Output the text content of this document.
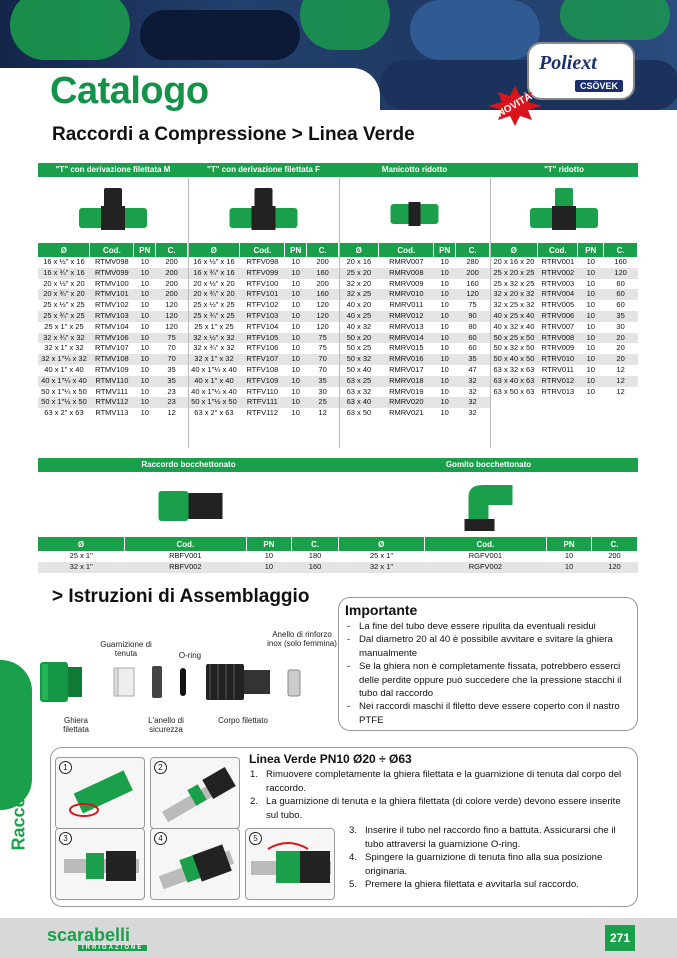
Catalogo
Poliext
CSÖVEK
NOVITÀ
Raccordi a Compressione > Linea Verde
"T" con derivazione filettata M
Ø	Cod.	PN	C.
16 x ½" x 16	RTMV098	10	200
16 x ¾" x 16	RTMV099	10	200
20 x ½" x 20	RTMV100	10	200
20 x ¾" x 20	RTMV101	10	200
25 x ½" x 25	RTMV102	10	120
25 x ¾" x 25	RTMV103	10	120
25 x 1" x 25	RTMV104	10	120
32 x ¾" x 32	RTMV106	10	75
32 x 1" x 32	RTMV107	10	70
32 x 1"¼ x 32	RTMV108	10	70
40 x 1" x 40	RTMV109	10	35
40 x 1"¼ x 40	RTMV110	10	35
50 x 1"¼ x 50	RTMV111	10	23
50 x 1"½ x 50	RTMV112	10	23
63 x 2" x 63	RTMV113	10	12
"T" con derivazione filettata F
Ø	Cod.	PN	C.
16 x ½" x 16	RTFV098	10	200
16 x ¾" x 16	RTFV099	10	160
20 x ½" x 20	RTFV100	10	200
20 x ¾" x 20	RTFV101	10	160
25 x ½" x 25	RTFV102	10	120
25 x ¾" x 25	RTFV103	10	120
25 x 1" x 25	RTFV104	10	120
32 x ½" x 32	RTFV105	10	75
32 x ¾" x 32	RTFV106	10	75
32 x 1" x 32	RTFV107	10	70
40 x 1"¼ x 40	RTFV108	10	70
40 x 1" x 40	RTFV109	10	35
40 x 1"¼ x 40	RTFV110	10	30
50 x 1"½ x 50	RTFV111	10	25
63 x 2" x 63	RTFV112	10	12
Manicotto ridotto
Ø	Cod.	PN	C.
20 x 16	RMRV007	10	280
25 x 20	RMRV008	10	200
32 x 20	RMRV009	10	160
32 x 25	RMRV010	10	120
40 x 20	RMRV011	10	75
40 x 25	RMRV012	10	90
40 x 32	RMRV013	10	80
50 x 20	RMRV014	10	60
50 x 25	RMRV015	10	60
50 x 32	RMRV016	10	35
50 x 40	RMRV017	10	47
63 x 25	RMRV018	10	32
63 x 32	RMRV019	10	32
63 x 40	RMRV020	10	32
63 x 50	RMRV021	10	32
"T" ridotto
Ø	Cod.	PN	C.
20 x 16 x 20	RTRV001	10	160
25 x 20 x 25	RTRV002	10	120
25 x 32 x 25	RTRV003	10	60
32 x 20 x 32	RTRV004	10	60
32 x 25 x 32	RTRV005	10	60
40 x 25 x 40	RTRV006	10	35
40 x 32 x 40	RTRV007	10	30
50 x 25 x 50	RTRV008	10	20
50 x 32 x 50	RTRV009	10	20
50 x 40 x 50	RTRV010	10	20
63 x 32 x 63	RTRV011	10	12
63 x 40 x 63	RTRV012	10	12
63 x 50 x 63	RTRV013	10	12
Raccordo bocchettonato
Ø	Cod.	PN	C.
25 x 1"	RBFV001	10	180
32 x 1"	RBFV002	10	160
Gomito bocchettonato
Ø	Cod.	PN	C.
25 x 1"	RGFV001	10	200
32 x 1"	RGFV002	10	120
> Istruzioni di Assemblaggio
Guarnizione di tenuta	O-ring
Anello di rinforzo inox (solo femmina)
Ghiera filettata
L'anello di sicurezza
Corpo filettato
Importante
- La fine del tubo deve essere ripulita da eventuali residui
- Dal diametro 20 al 40 è possibile avvitare e svitare la ghiera manualmente
- Se la ghiera non è completamente fissata, potrebbero esserci delle perdite oppure può succedere che la pressione stacchi il tubo dal raccordo
- Nei raccordi maschi il filetto deve essere coperto con il nastro PTFE
Raccorderia	1	2
3	4	5
Linea Verde PN10 Ø20 ÷ Ø63
1. Rimuovere completamente la ghiera filettata e la guarnizione di tenuta dal corpo del raccordo.
2. La guarnizione di tenuta e la ghiera filettata (di colore verde) devono essere inserite sul tubo.
3. Inserire il tubo nel raccordo fino a battuta. Assicurarsi che il tubo attraversi la guarnizione O-ring.
4. Spingere la guarnizione di tenuta fino alla sua posizione originaria.
5. Premere la ghiera filettata e avvitarla sul raccordo.
scarabelli
IRRIGAZIONE
271
